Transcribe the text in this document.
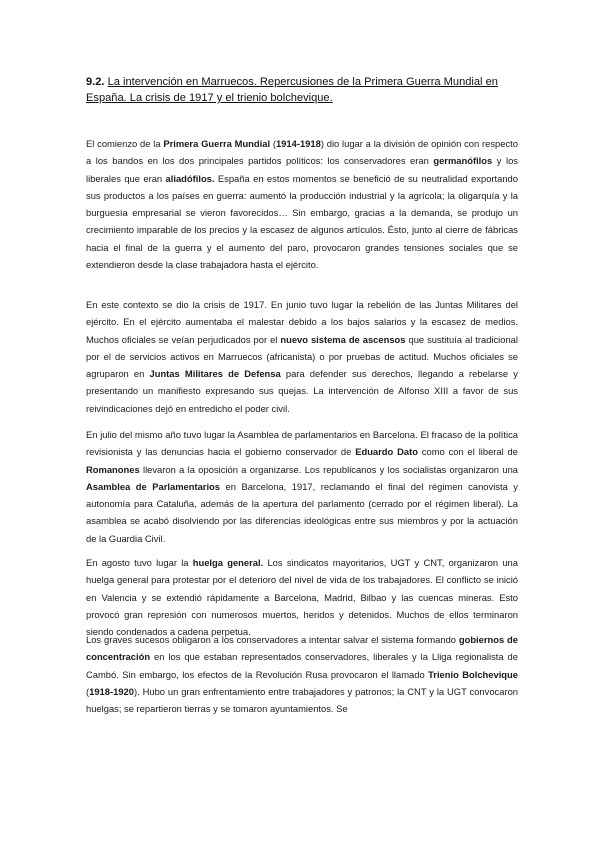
9.2. La intervención en Marruecos. Repercusiones de la Primera Guerra Mundial en España. La crisis de 1917 y el trienio bolchevique.

El comienzo de la Primera Guerra Mundial (1914-1918) dio lugar a la división de opinión con respecto a los bandos en los dos principales partidos políticos: los conservadores eran germanófilos y los liberales que eran aliadófilos. España en estos momentos se benefició de su neutralidad exportando sus productos a los países en guerra: aumentó la producción industrial y la agrícola; la oligarquía y la burguesía empresarial se vieron favorecidos… Sin embargo, gracias a la demanda, se produjo un crecimiento imparable de los precios y la escasez de algunos artículos. Ésto, junto al cierre de fábricas hacia el final de la guerra y el aumento del paro, provocaron grandes tensiones sociales que se extendieron desde la clase trabajadora hasta el ejército.

En este contexto se dio la crisis de 1917. En junio tuvo lugar la rebelión de las Juntas Militares del ejército. En el ejército aumentaba el malestar debido a los bajos salarios y la escasez de medios. Muchos oficiales se veían perjudicados por el nuevo sistema de ascensos que sustituía al tradicional por el de servicios activos en Marruecos (africanista) o por pruebas de actitud. Muchos oficiales se agruparon en Juntas Militares de Defensa para defender sus derechos, llegando a rebelarse y presentando un manifiesto expresando sus quejas. La intervención de Alfonso XIII a favor de sus reivindicaciones dejó en entredicho el poder civil.

En julio del mismo año tuvo lugar la Asamblea de parlamentarios en Barcelona. El fracaso de la política revisionista y las denuncias hacia el gobierno conservador de Eduardo Dato como con el liberal de Romanones llevaron a la oposición a organizarse. Los republicanos y los socialistas organizaron una Asamblea de Parlamentarios en Barcelona, 1917, reclamando el final del régimen canovista y autonomía para Cataluña, además de la apertura del parlamento (cerrado por el régimen liberal). La asamblea se acabó disolviendo por las diferencias ideológicas entre sus miembros y por la actuación de la Guardia Civil.

En agosto tuvo lugar la huelga general. Los sindicatos mayoritarios, UGT y CNT, organizaron una huelga general para protestar por el deterioro del nivel de vida de los trabajadores. El conflicto se inició en Valencia y se extendió rápidamente a Barcelona, Madrid, Bilbao y las cuencas mineras. Esto provocó gran represión con numerosos muertos, heridos y detenidos. Muchos de ellos terminaron siendo condenados a cadena perpetua.

Los graves sucesos obligaron a los conservadores a intentar salvar el sistema formando gobiernos de concentración en los que estaban representados conservadores, liberales y la Lliga regionalista de Cambó. Sin embargo, los efectos de la Revolución Rusa provocaron el llamado Trienio Bolchevique (1918-1920). Hubo un gran enfrentamiento entre trabajadores y patronos; la CNT y la UGT convocaron huelgas; se repartieron tierras y se tomaron ayuntamientos. Se
